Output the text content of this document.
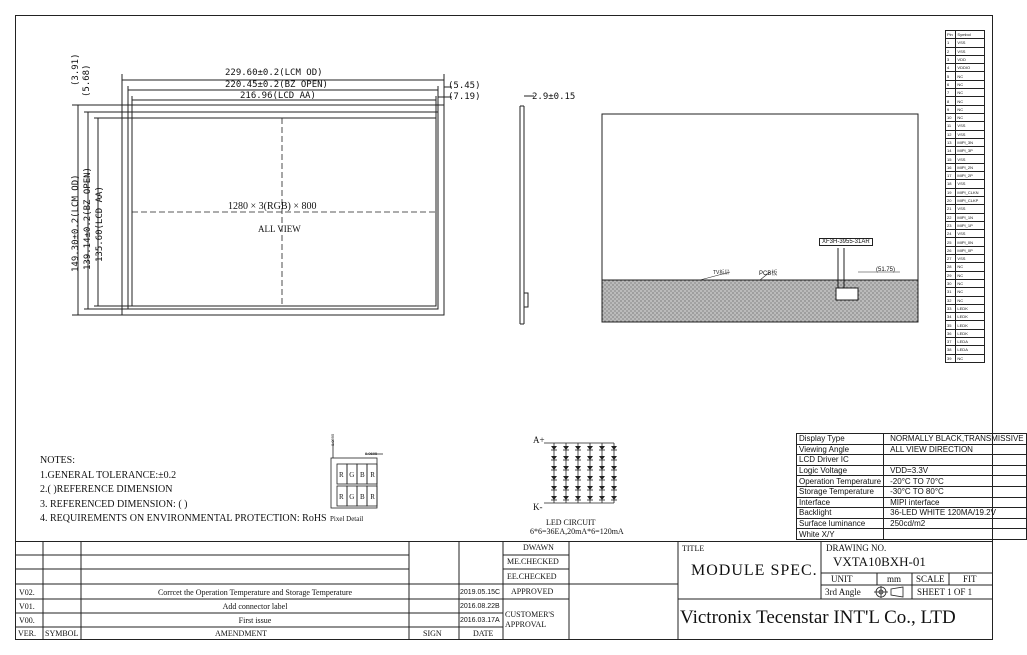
229.60±0.2(LCM OD)
220.45±0.2(BZ OPEN)
216.96(LCD AA)
(5.45)
(7.19)
(3.91) (5.68)
149.30±0.2(LCM OD) 139.14±0.2(BZ OPEN) 135.60(LCD AA)	1280 × 3(RGB) × 800
ALL VIEW
2.9±0.15
XF3H-3955-31AR
PCB板
TV板层	(51.75)
Pin	Symbol
1	VSS
2	VSS
3	VDD
4	VDDIO
5	NC
6	NC
7	NC
8	NC
9	NC
10	NC
11	VSS
12	VSS
13	MIPI_3N
14	MIPI_3P
15	VSS
16	MIPI_2N
17	MIPI_2P
18	VSS
19	MIPI_CLKN
20	MIPI_CLKP
21	VSS
22	MIPI_1N
23	MIPI_1P
24	VSS
25	MIPI_0N
26	MIPI_0P
27	VSS
28	NC
29	NC
30	NC
31	NC
32	NC
33	LEDK
34	LEDK
35	LEDK
36	LEDK
37	LEDA
38	LEDA
39	NC
NOTES:
1.GENERAL TOLERANCE:±0.2
2.( )REFERENCE DIMENSION
3. REFERENCED DIMENSION: ( )
4. REQUIREMENTS ON ENVIRONMENTAL PROTECTION: RoHS
RGBR
RGBR
0.0695
0.0695
Pixel Detail
A+
K-
LED CIRCUIT
6*6=36EA,20mA*6=120mA
Display Type	NORMALLY BLACK,TRANSMISSIVE
Viewing Angle	ALL VIEW DIRECTION
LCD Driver IC	
Logic Voltage	VDD=3.3V
Operation Temperature	-20°C TO 70°C
Storage Temperature	-30°C TO 80°C
Interface	MIPI interface
Backlight	36-LED WHITE 120MA/19.2V
Surface luminance	250cd/m2
White X/Y	
DWAWN
ME.CHECKED
EE.CHECKED
APPROVED
CUSTOMER'S
APPROVAL
V02.	Corrcet the Operation Temperature and Storage Temperature	2019.05.15C
V01.	Add connector label	2016.08.22B
V00.	First issue	2016.03.17A
VER. SYMBOL	AMENDMENT	SIGN	DATE
TITLE
MODULE SPEC.
DRAWING NO.
VXTA10BXH-01
UNIT	mm SCALE FIT
3rd Angle	SHEET 1 OF 1
Victronix Tecenstar INT'L Co., LTD
